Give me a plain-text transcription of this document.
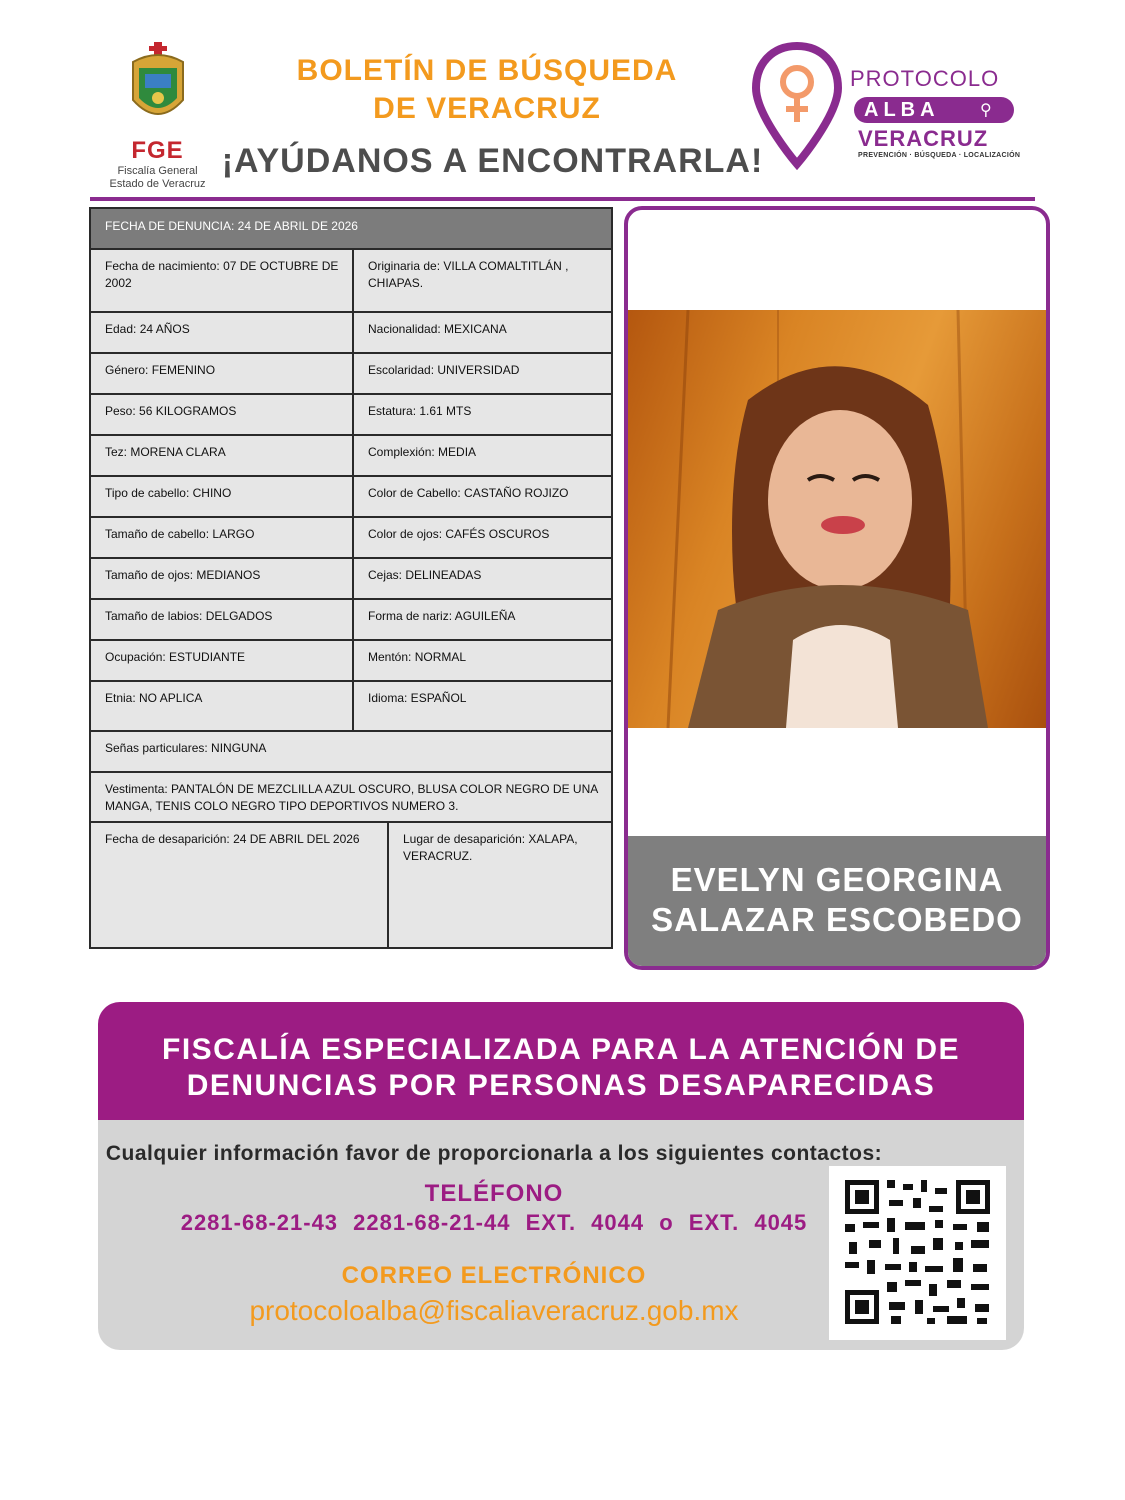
FGE
Fiscalía General
Estado de Veracruz
BOLETÍN DE BÚSQUEDA
DE VERACRUZ
¡AYÚDANOS A ENCONTRARLA!
PROTOCOLO
ALBA	⚲
VERACRUZ
PREVENCIÓN · BÚSQUEDA · LOCALIZACIÓN
FECHA DE DENUNCIA: 24 DE ABRIL DE 2026		
Fecha de nacimiento: 07 DE OCTUBRE DE 2002	Originaria de: VILLA COMALTITLÁN , CHIAPAS.	
Edad: 24 AÑOS	Nacionalidad: MEXICANA	
Género: FEMENINO	Escolaridad: UNIVERSIDAD	
Peso: 56 KILOGRAMOS	Estatura: 1.61 MTS	
Tez: MORENA CLARA	Complexión: MEDIA	
Tipo de cabello: CHINO	Color de Cabello: CASTAÑO ROJIZO	
Tamaño de cabello: LARGO	Color de ojos: CAFÉS OSCUROS	
Tamaño de ojos: MEDIANOS	Cejas: DELINEADAS	
Tamaño de labios: DELGADOS	Forma de nariz: AGUILEÑA	
Ocupación: ESTUDIANTE	Mentón: NORMAL	
Etnia: NO APLICA	Idioma: ESPAÑOL	
Señas particulares: NINGUNA		
Vestimenta: PANTALÓN DE MEZCLILLA AZUL OSCURO, BLUSA COLOR NEGRO DE UNA MANGA, TENIS COLO NEGRO TIPO DEPORTIVOS NUMERO 3.		
Fecha de desaparición: 24 DE ABRIL DEL 2026		Lugar de desaparición: XALAPA, VERACRUZ.
EVELYN GEORGINA
SALAZAR ESCOBEDO
FISCALÍA ESPECIALIZADA PARA LA ATENCIÓN DE
DENUNCIAS POR PERSONAS DESAPARECIDAS
Cualquier información favor de proporcionarla a los siguientes contactos:
TELÉFONO
2281-68-21-43 2281-68-21-44 EXT. 4044 o EXT. 4045
CORREO ELECTRÓNICO
protocoloalba@fiscaliaveracruz.gob.mx
